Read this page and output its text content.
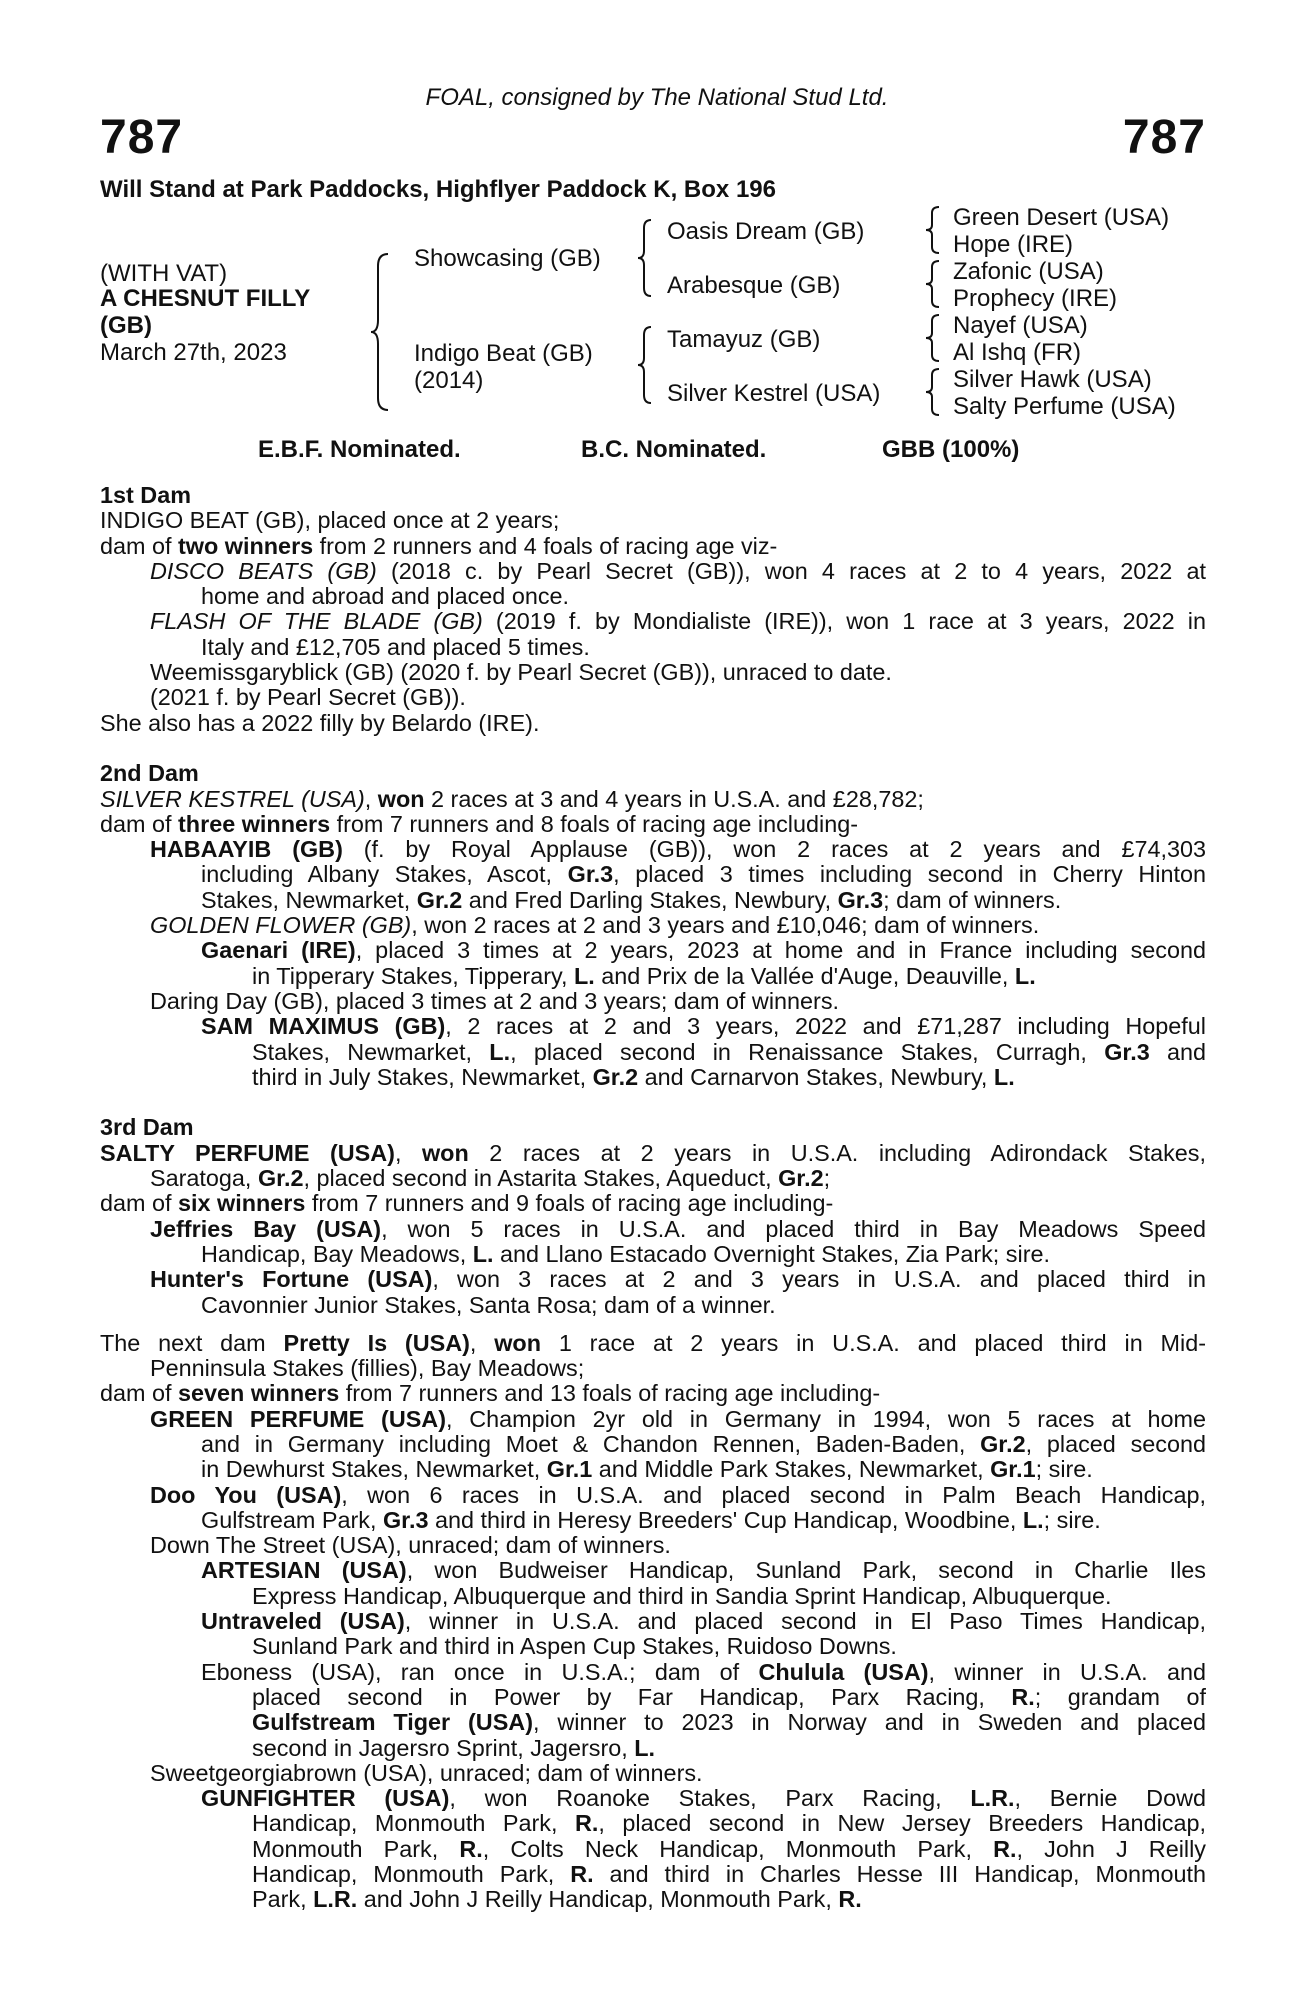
FOAL, consigned by The National Stud Ltd.
787	787
Will Stand at Park Paddocks, Highflyer Paddock K, Box 196
(WITH VAT)
A CHESNUT FILLY
(GB)
March 27th, 2023
Showcasing (GB)
Indigo Beat (GB)
(2014)
Oasis Dream (GB)
Arabesque (GB)
Tamayuz (GB)
Silver Kestrel (USA)
Green Desert (USA)
Hope (IRE)
Zafonic (USA)
Prophecy (IRE)
Nayef (USA)
Al Ishq (FR)
Silver Hawk (USA)
Salty Perfume (USA)
E.B.F. Nominated.	B.C. Nominated.	GBB (100%)
1st Dam
INDIGO BEAT (GB), placed once at 2 years;
dam of two winners from 2 runners and 4 foals of racing age viz-
DISCO BEATS (GB) (2018 c. by Pearl Secret (GB)), won 4 races at 2 to 4 years, 2022 at
home and abroad and placed once.
FLASH OF THE BLADE (GB) (2019 f. by Mondialiste (IRE)), won 1 race at 3 years, 2022 in
Italy and £12,705 and placed 5 times.
Weemissgaryblick (GB) (2020 f. by Pearl Secret (GB)), unraced to date.
(2021 f. by Pearl Secret (GB)).
She also has a 2022 filly by Belardo (IRE).
2nd Dam
SILVER KESTREL (USA), won 2 races at 3 and 4 years in U.S.A. and £28,782;
dam of three winners from 7 runners and 8 foals of racing age including-
HABAAYIB (GB) (f. by Royal Applause (GB)), won 2 races at 2 years and £74,303
including Albany Stakes, Ascot, Gr.3, placed 3 times including second in Cherry Hinton
Stakes, Newmarket, Gr.2 and Fred Darling Stakes, Newbury, Gr.3; dam of winners.
GOLDEN FLOWER (GB), won 2 races at 2 and 3 years and £10,046; dam of winners.
Gaenari (IRE), placed 3 times at 2 years, 2023 at home and in France including second
in Tipperary Stakes, Tipperary, L. and Prix de la Vallée d'Auge, Deauville, L.
Daring Day (GB), placed 3 times at 2 and 3 years; dam of winners.
SAM MAXIMUS (GB), 2 races at 2 and 3 years, 2022 and £71,287 including Hopeful
Stakes, Newmarket, L., placed second in Renaissance Stakes, Curragh, Gr.3 and
third in July Stakes, Newmarket, Gr.2 and Carnarvon Stakes, Newbury, L.
3rd Dam
SALTY PERFUME (USA), won 2 races at 2 years in U.S.A. including Adirondack Stakes,
Saratoga, Gr.2, placed second in Astarita Stakes, Aqueduct, Gr.2;
dam of six winners from 7 runners and 9 foals of racing age including-
Jeffries Bay (USA), won 5 races in U.S.A. and placed third in Bay Meadows Speed
Handicap, Bay Meadows, L. and Llano Estacado Overnight Stakes, Zia Park; sire.
Hunter's Fortune (USA), won 3 races at 2 and 3 years in U.S.A. and placed third in
Cavonnier Junior Stakes, Santa Rosa; dam of a winner.
The next dam Pretty Is (USA), won 1 race at 2 years in U.S.A. and placed third in Mid-
Penninsula Stakes (fillies), Bay Meadows;
dam of seven winners from 7 runners and 13 foals of racing age including-
GREEN PERFUME (USA), Champion 2yr old in Germany in 1994, won 5 races at home
and in Germany including Moet & Chandon Rennen, Baden-Baden, Gr.2, placed second
in Dewhurst Stakes, Newmarket, Gr.1 and Middle Park Stakes, Newmarket, Gr.1; sire.
Doo You (USA), won 6 races in U.S.A. and placed second in Palm Beach Handicap,
Gulfstream Park, Gr.3 and third in Heresy Breeders' Cup Handicap, Woodbine, L.; sire.
Down The Street (USA), unraced; dam of winners.
ARTESIAN (USA), won Budweiser Handicap, Sunland Park, second in Charlie Iles
Express Handicap, Albuquerque and third in Sandia Sprint Handicap, Albuquerque.
Untraveled (USA), winner in U.S.A. and placed second in El Paso Times Handicap,
Sunland Park and third in Aspen Cup Stakes, Ruidoso Downs.
Eboness (USA), ran once in U.S.A.; dam of Chulula (USA), winner in U.S.A. and
placed second in Power by Far Handicap, Parx Racing, R.; grandam of
Gulfstream Tiger (USA), winner to 2023 in Norway and in Sweden and placed
second in Jagersro Sprint, Jagersro, L.
Sweetgeorgiabrown (USA), unraced; dam of winners.
GUNFIGHTER (USA), won Roanoke Stakes, Parx Racing, L.R., Bernie Dowd
Handicap, Monmouth Park, R., placed second in New Jersey Breeders Handicap,
Monmouth Park, R., Colts Neck Handicap, Monmouth Park, R., John J Reilly
Handicap, Monmouth Park, R. and third in Charles Hesse III Handicap, Monmouth
Park, L.R. and John J Reilly Handicap, Monmouth Park, R.
